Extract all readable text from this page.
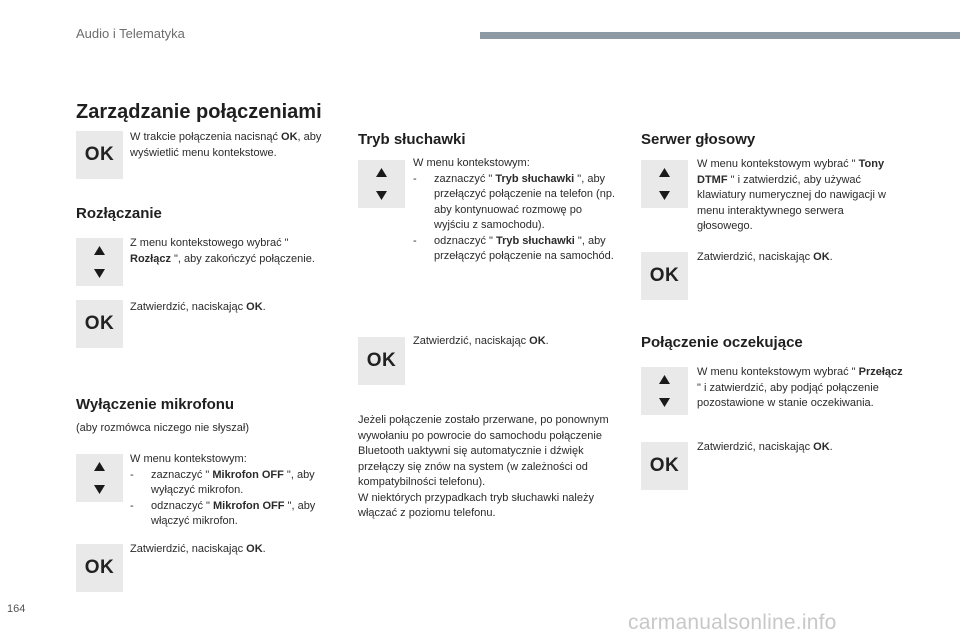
Audio i Telematyka
Zarządzanie połączeniami
OK
W trakcie połączenia nacisnąć OK, aby wyświetlić menu kontekstowe.
Rozłączanie
Z menu kontekstowego wybrać " Rozłącz ", aby zakończyć połączenie.
OK
Zatwierdzić, naciskając OK.
Wyłączenie mikrofonu
(aby rozmówca niczego nie słyszał)
W menu kontekstowym:
- zaznaczyć " Mikrofon OFF ", aby wyłączyć mikrofon.
- odznaczyć " Mikrofon OFF ", aby włączyć mikrofon.
OK
Zatwierdzić, naciskając OK.
Tryb słuchawki
W menu kontekstowym:
- zaznaczyć " Tryb słuchawki ", aby przełączyć połączenie na telefon (np. aby kontynuować rozmowę po wyjściu z samochodu).
- odznaczyć " Tryb słuchawki ", aby przełączyć połączenie na samochód.
OK
Zatwierdzić, naciskając OK.
Jeżeli połączenie zostało przerwane, po ponownym wywołaniu po powrocie do samochodu połączenie Bluetooth uaktywni się automatycznie i dźwięk przełączy się znów na system (w zależności od kompatybilności telefonu).
W niektórych przypadkach tryb słuchawki należy włączać z poziomu telefonu.
Serwer głosowy
W menu kontekstowym wybrać " Tony DTMF " i zatwierdzić, aby używać klawiatury numerycznej do nawigacji w menu interaktywnego serwera głosowego.
OK
Zatwierdzić, naciskając OK.
Połączenie oczekujące
W menu kontekstowym wybrać " Przełącz " i zatwierdzić, aby podjąć połączenie pozostawione w stanie oczekiwania.
OK
Zatwierdzić, naciskając OK.
164
carmanualsonline.info
